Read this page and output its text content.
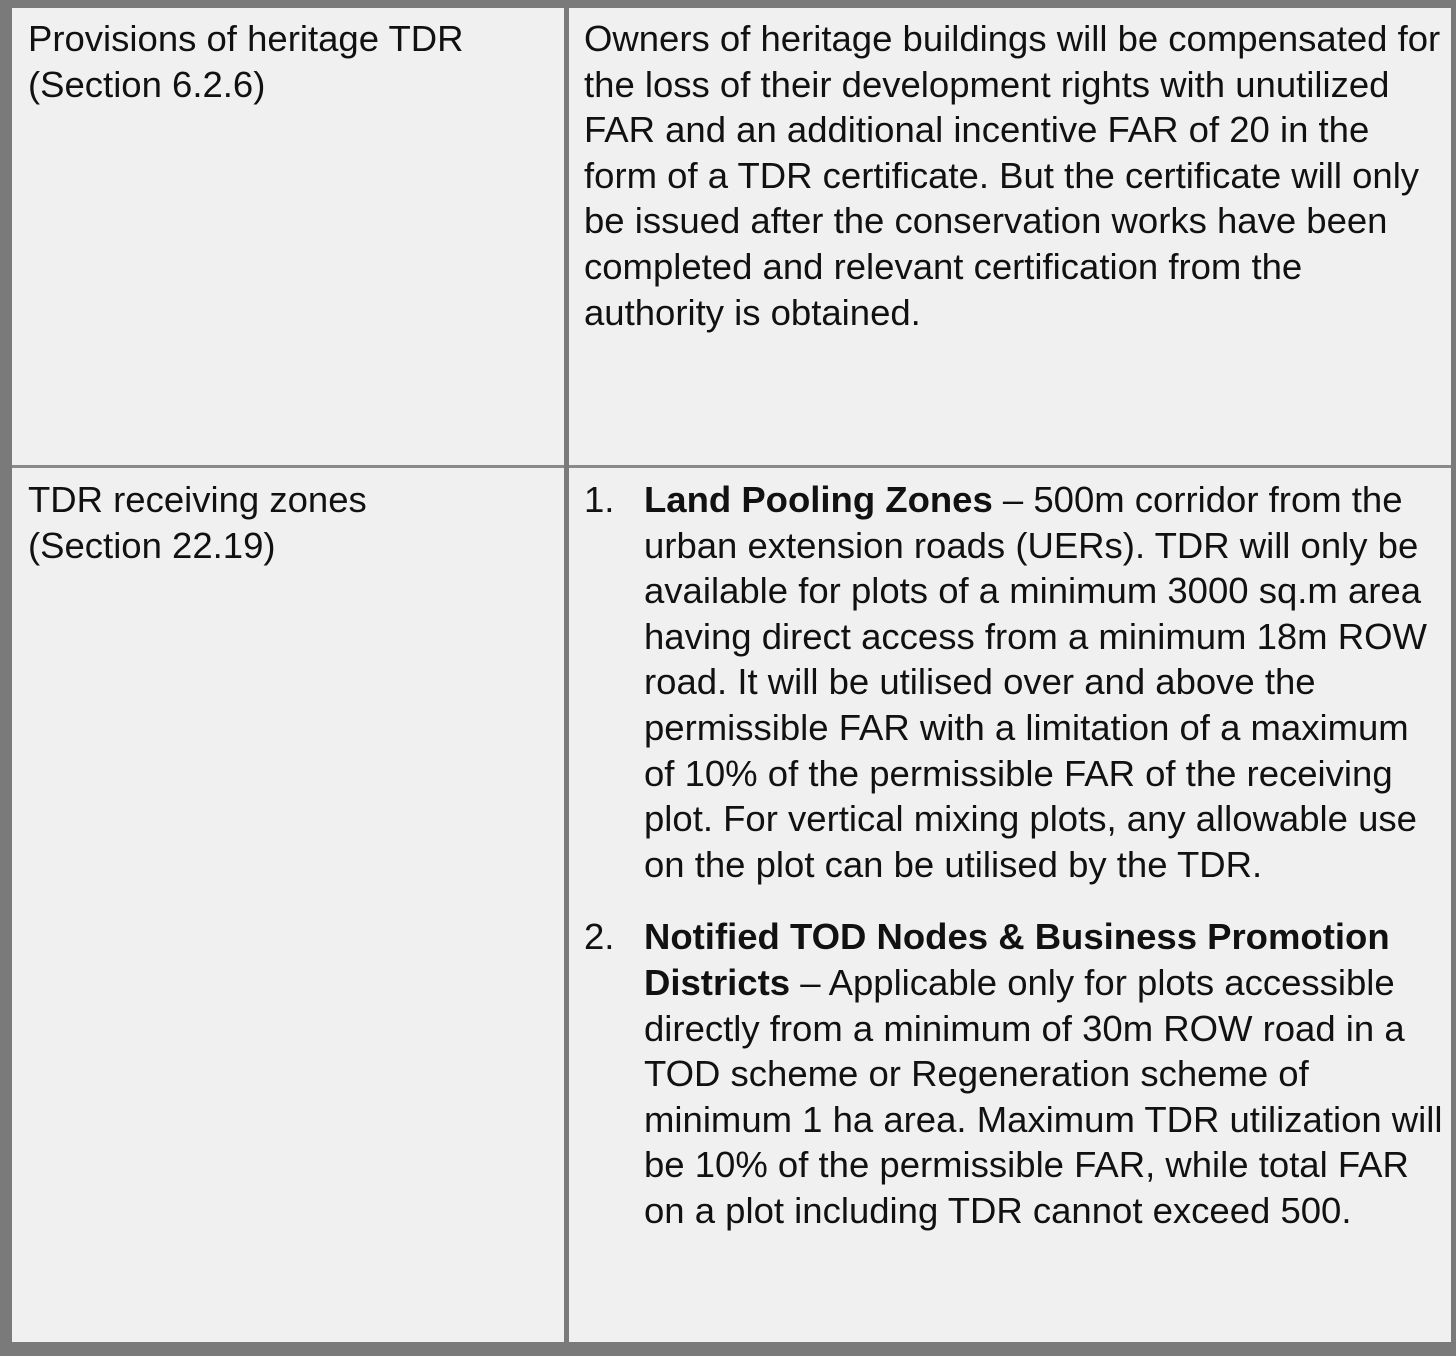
Provisions of heritage TDR
(Section 6.2.6)
Owners of heritage buildings will be compensated for the loss of their development rights with unutilized FAR and an additional incentive FAR of 20 in the form of a TDR certificate. But the certificate will only be issued after the conservation works have been completed and relevant certification from the authority is obtained.
TDR receiving zones
(Section 22.19)
1. Land Pooling Zones – 500m corridor from the urban extension roads (UERs). TDR will only be available for plots of a minimum 3000 sq.m area having direct access from a minimum 18m ROW road. It will be utilised over and above the permissible FAR with a limitation of a maximum of 10% of the permissible FAR of the receiving plot. For vertical mixing plots, any allowable use on the plot can be utilised by the TDR.
2. Notified TOD Nodes & Business Promotion Districts – Applicable only for plots accessible directly from a minimum of 30m ROW road in a TOD scheme or Regeneration scheme of minimum 1 ha area. Maximum TDR utilization will be 10% of the permissible FAR, while total FAR on a plot including TDR cannot exceed 500.
